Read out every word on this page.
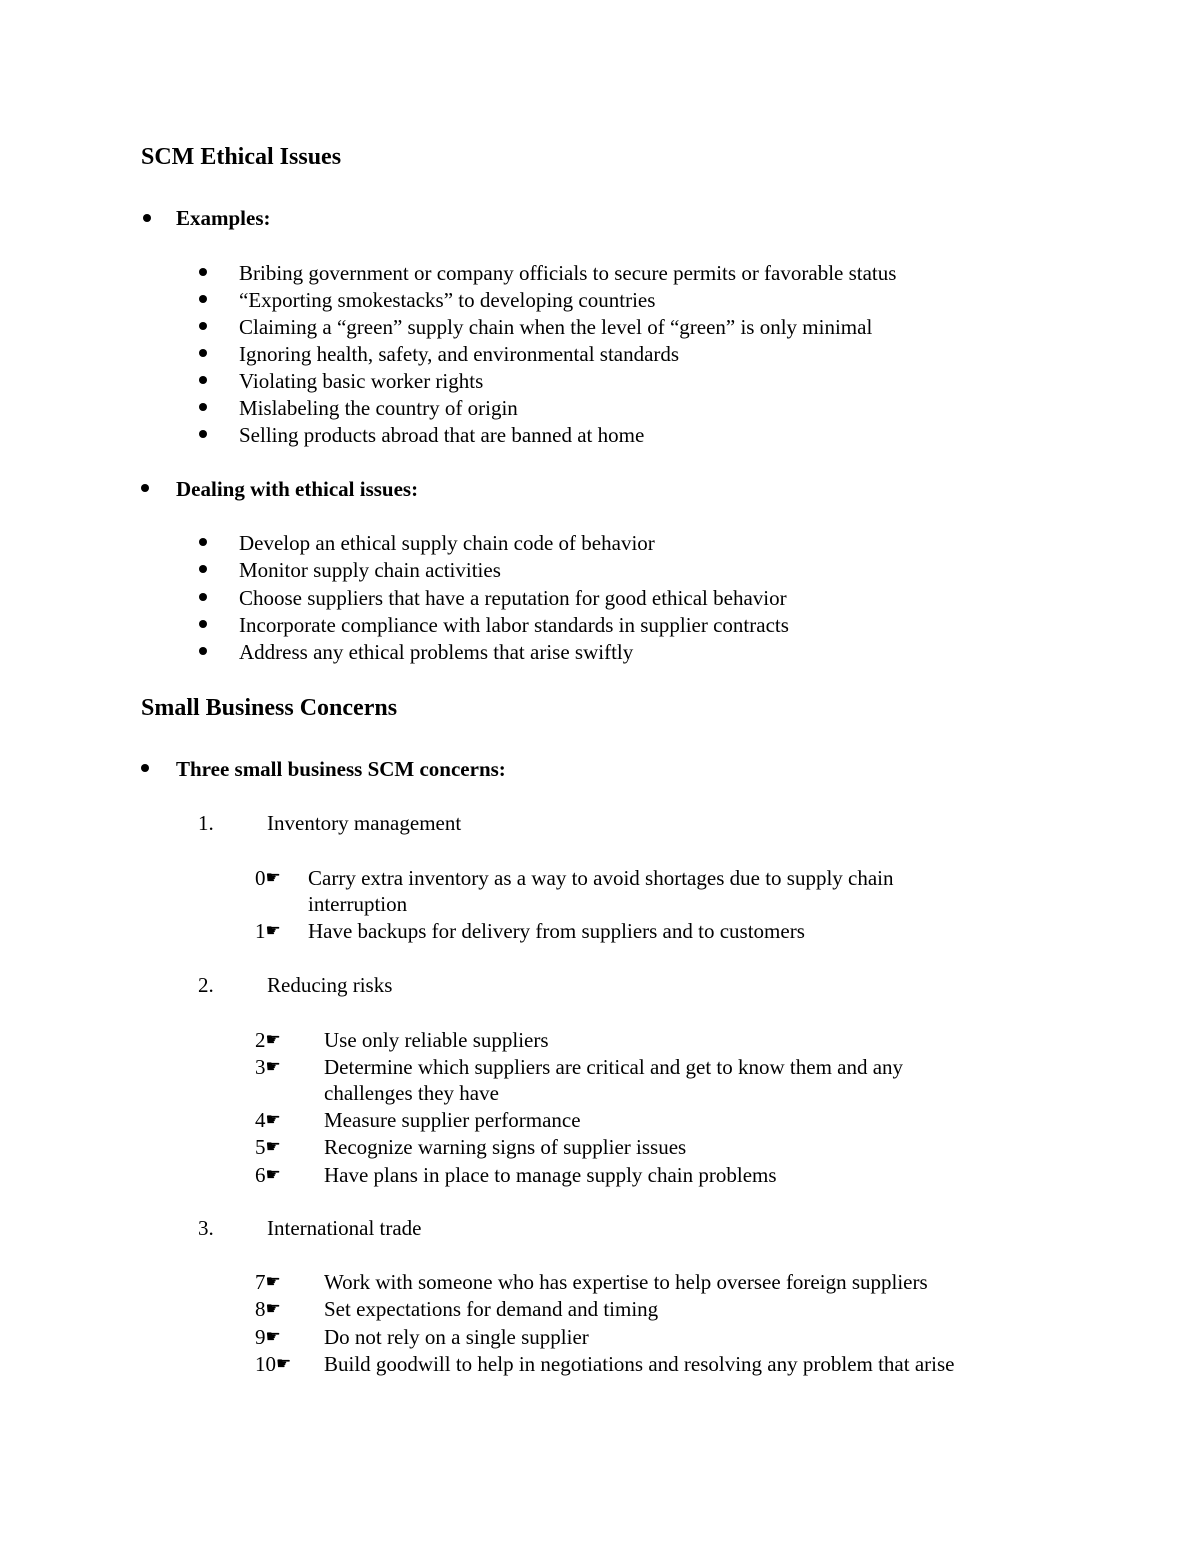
SCM Ethical Issues
Examples:
Bribing government or company officials to secure permits or favorable status
“Exporting smokestacks” to developing countries
Claiming a “green” supply chain when the level of “green” is only minimal
Ignoring health, safety, and environmental standards
Violating basic worker rights
Mislabeling the country of origin
Selling products abroad that are banned at home
Dealing with ethical issues:
Develop an ethical supply chain code of behavior
Monitor supply chain activities
Choose suppliers that have a reputation for good ethical behavior
Incorporate compliance with labor standards in supplier contracts
Address any ethical problems that arise swiftly
Small Business Concerns
Three small business SCM concerns:
1.	Inventory management
0☛ Carry extra inventory as a way to avoid shortages due to supply chain
interruption
1☛ Have backups for delivery from suppliers and to customers
2.	Reducing risks
2☛ Use only reliable suppliers
3☛ Determine which suppliers are critical and get to know them and any
challenges they have
4☛ Measure supplier performance
5☛ Recognize warning signs of supplier issues
6☛ Have plans in place to manage supply chain problems
3.	International trade
7☛ Work with someone who has expertise to help oversee foreign suppliers
8☛ Set expectations for demand and timing
9☛ Do not rely on a single supplier
10☛ Build goodwill to help in negotiations and resolving any problem that arise
